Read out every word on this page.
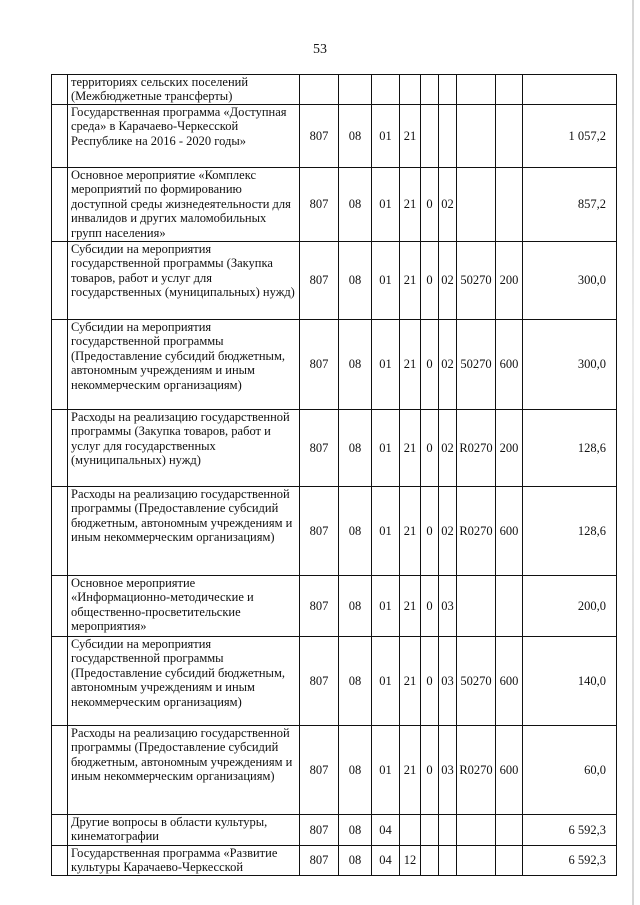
53
	территориях сельских поселений (Межбюджетные трансферты)									
	Государственная программа «Доступная среда» в Карачаево-Черкесской Республике на 2016 - 2020 годы»	807	08	01	21					1 057,2
	Основное мероприятие «Комплекс мероприятий по формированию доступной среды жизнедеятельности для инвалидов и других маломобильных групп населения»	807	08	01	21	0	02			857,2
	Субсидии на мероприятия государственной программы (Закупка товаров, работ и услуг для государственных (муниципальных) нужд)	807	08	01	21	0	02	50270	200	300,0
	Субсидии на мероприятия государственной программы (Предоставление субсидий бюджетным, автономным учреждениям и иным некоммерческим организациям)	807	08	01	21	0	02	50270	600	300,0
	Расходы на реализацию государственной программы (Закупка товаров, работ и услуг для государственных (муниципальных) нужд)	807	08	01	21	0	02	R0270	200	128,6
	Расходы на реализацию государственной программы (Предоставление субсидий бюджетным, автономным учреждениям и иным некоммерческим организациям)	807	08	01	21	0	02	R0270	600	128,6
	Основное мероприятие «Информационно-методические и общественно-просветительские мероприятия»	807	08	01	21	0	03			200,0
	Субсидии на мероприятия государственной программы (Предоставление субсидий бюджетным, автономным учреждениям и иным некоммерческим организациям)	807	08	01	21	0	03	50270	600	140,0
	Расходы на реализацию государственной программы (Предоставление субсидий бюджетным, автономным учреждениям и иным некоммерческим организациям)	807	08	01	21	0	03	R0270	600	60,0
	Другие вопросы в области культуры, кинематографии	807	08	04						6 592,3
	Государственная программа «Развитие культуры Карачаево-Черкесской	807	08	04	12					6 592,3
